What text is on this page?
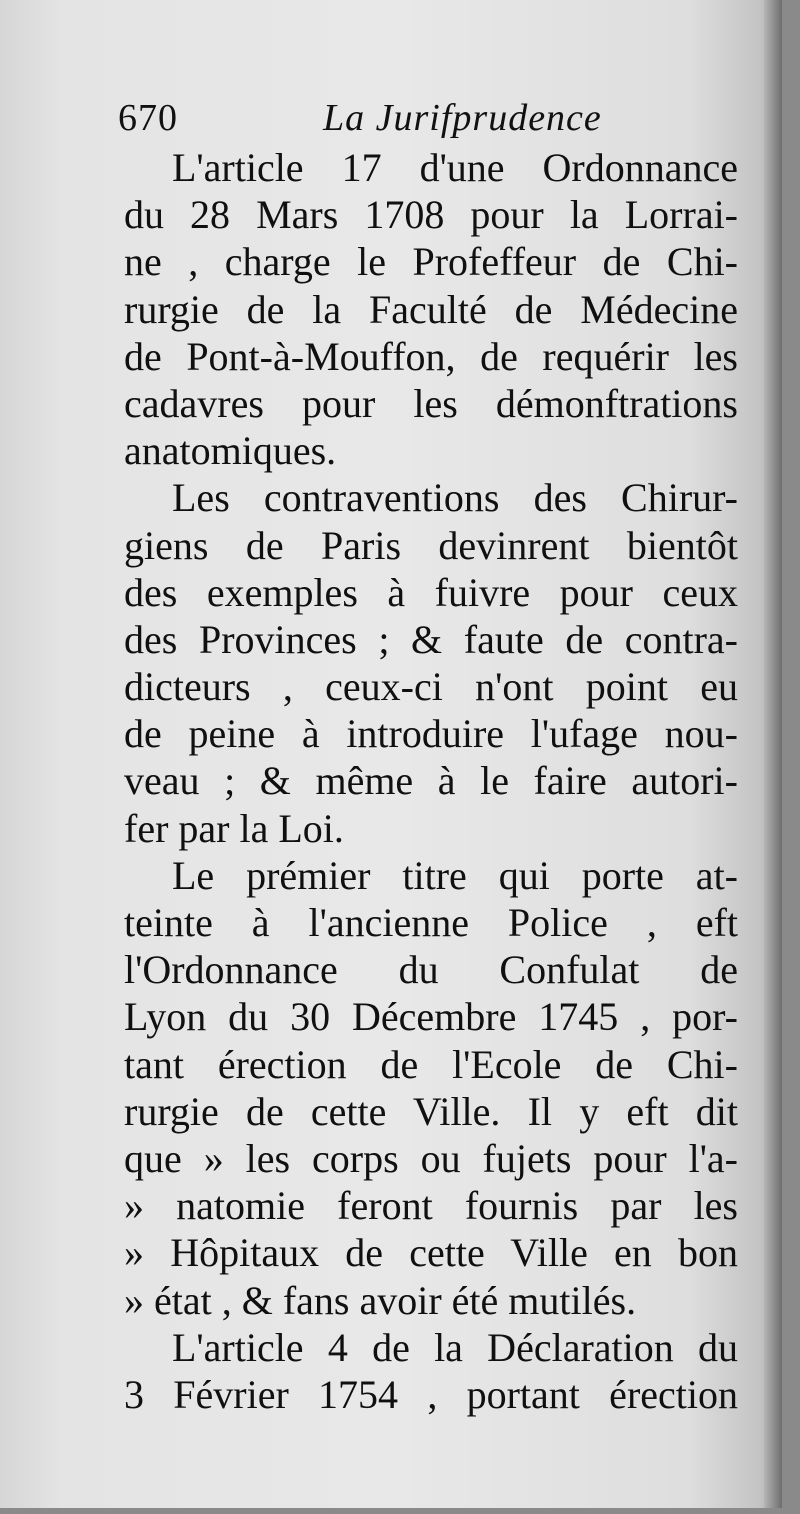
670	La Jurifprudence
L'article 17 d'une Ordonnance
du 28 Mars 1708 pour la Lorrai-
ne , charge le Profeffeur de Chi-
rurgie de la Faculté de Médecine
de Pont-à-Mouffon, de requérir les
cadavres pour les démonftrations
anatomiques.
Les contraventions des Chirur-
giens de Paris devinrent bientôt
des exemples à fuivre pour ceux
des Provinces ; & faute de contra-
dicteurs , ceux-ci n'ont point eu
de peine à introduire l'ufage nou-
veau ; & même à le faire autori-
fer par la Loi.
Le prémier titre qui porte at-
teinte à l'ancienne Police , eft
l'Ordonnance du Confulat de
Lyon du 30 Décembre 1745 , por-
tant érection de l'Ecole de Chi-
rurgie de cette Ville. Il y eft dit
que » les corps ou fujets pour l'a-
» natomie feront fournis par les
» Hôpitaux de cette Ville en bon
» état , & fans avoir été mutilés.
L'article 4 de la Déclaration du
3 Février 1754 , portant érection
